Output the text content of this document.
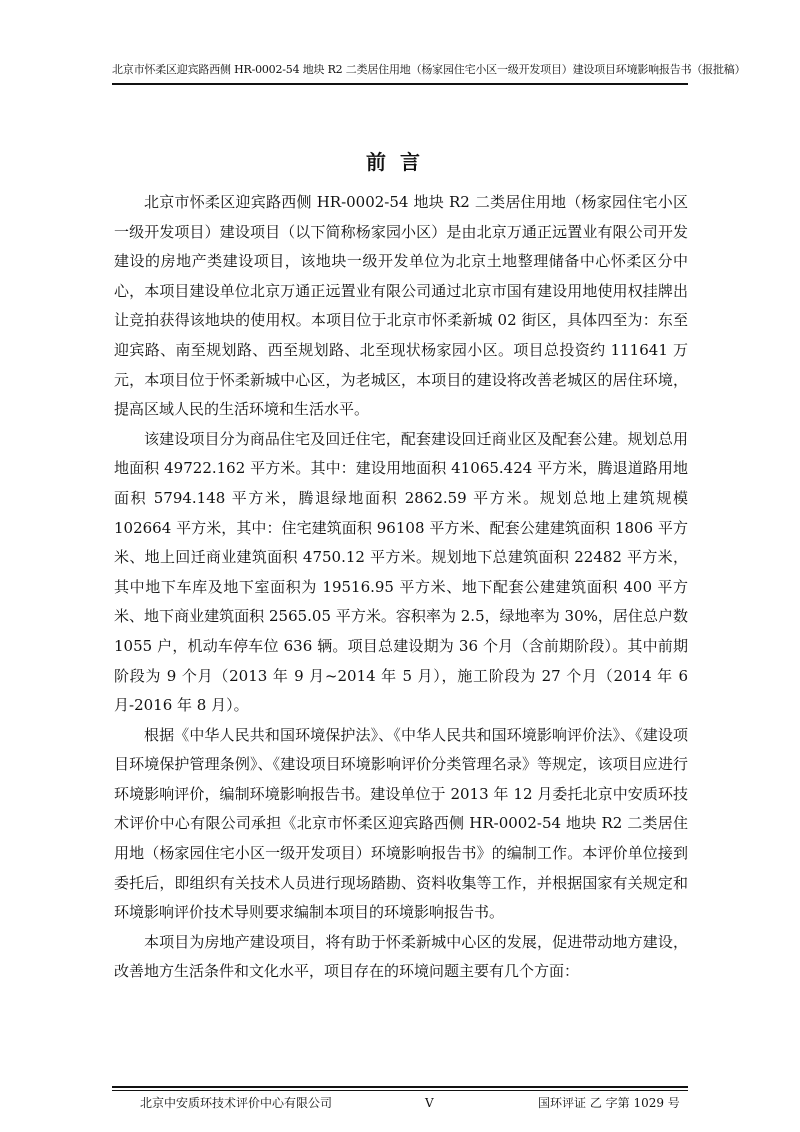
北京市怀柔区迎宾路西侧 HR-0002-54 地块 R2 二类居住用地（杨家园住宅小区一级开发项目）建设项目环境影响报告书（报批稿）
前言

北京市怀柔区迎宾路西侧 HR-0002-54 地块 R2 二类居住用地（杨家园住宅小区一级开发项目）建设项目（以下简称杨家园小区）是由北京万通正远置业有限公司开发建设的房地产类建设项目，该地块一级开发单位为北京土地整理储备中心怀柔区分中心，本项目建设单位北京万通正远置业有限公司通过北京市国有建设用地使用权挂牌出让竞拍获得该地块的使用权。本项目位于北京市怀柔新城 02 街区，具体四至为：东至迎宾路、南至规划路、西至规划路、北至现状杨家园小区。项目总投资约 111641 万元，本项目位于怀柔新城中心区，为老城区，本项目的建设将改善老城区的居住环境，提高区域人民的生活环境和生活水平。

该建设项目分为商品住宅及回迁住宅，配套建设回迁商业区及配套公建。规划总用地面积 49722.162 平方米。其中：建设用地面积 41065.424 平方米，腾退道路用地面积 5794.148 平方米，腾退绿地面积 2862.59 平方米。规划总地上建筑规模 102664 平方米，其中：住宅建筑面积 96108 平方米、配套公建建筑面积 1806 平方米、地上回迁商业建筑面积 4750.12 平方米。规划地下总建筑面积 22482 平方米，其中地下车库及地下室面积为 19516.95 平方米、地下配套公建建筑面积 400 平方米、地下商业建筑面积 2565.05 平方米。容积率为 2.5，绿地率为 30%，居住总户数 1055 户，机动车停车位 636 辆。项目总建设期为 36 个月（含前期阶段）。其中前期阶段为 9 个月（2013 年 9 月~2014 年 5 月），施工阶段为 27 个月（2014 年 6 月-2016 年 8 月）。

根据《中华人民共和国环境保护法》、《中华人民共和国环境影响评价法》、《建设项目环境保护管理条例》、《建设项目环境影响评价分类管理名录》等规定，该项目应进行环境影响评价，编制环境影响报告书。建设单位于 2013 年 12 月委托北京中安质环技术评价中心有限公司承担《北京市怀柔区迎宾路西侧 HR-0002-54 地块 R2 二类居住用地（杨家园住宅小区一级开发项目）环境影响报告书》的编制工作。本评价单位接到委托后，即组织有关技术人员进行现场踏勘、资料收集等工作，并根据国家有关规定和环境影响评价技术导则要求编制本项目的环境影响报告书。

本项目为房地产建设项目，将有助于怀柔新城中心区的发展，促进带动地方建设，改善地方生活条件和文化水平，项目存在的环境问题主要有几个方面：

北京中安质环技术评价中心有限公司	V	国环评证 乙 字第 1029 号
